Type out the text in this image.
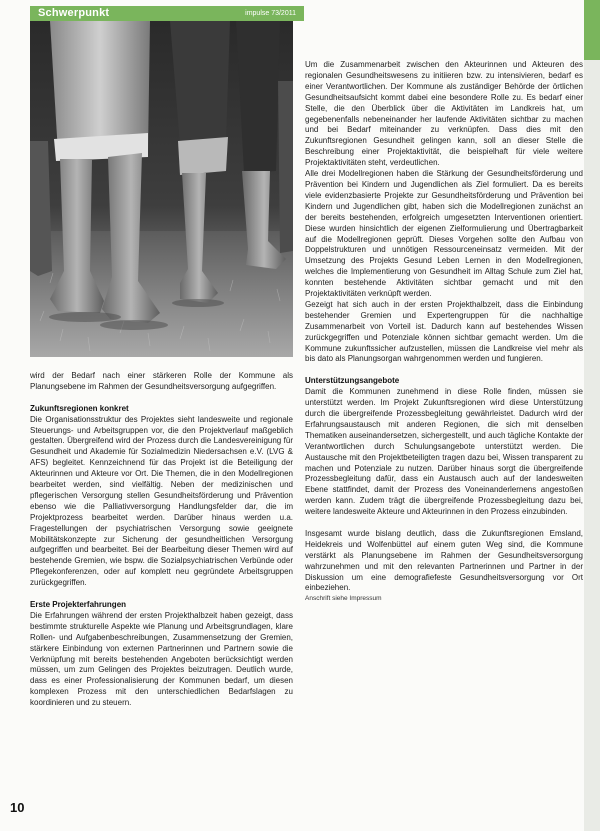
Schwerpunkt	impulse 73/2011

wird der Bedarf nach einer stärkeren Rolle der Kommune als Planungsebene im Rahmen der Gesundheitsversorgung aufgegriffen.

Zukunftsregionen konkret

Die Organisationsstruktur des Projektes sieht landesweite und regionale Steuerungs- und Arbeitsgruppen vor, die den Projektverlauf maßgeblich gestalten. Übergreifend wird der Prozess durch die Landesvereinigung für Gesundheit und Akademie für Sozialmedizin Niedersachsen e.V. (LVG & AFS) begleitet. Kennzeichnend für das Projekt ist die Beteiligung der Akteurinnen und Akteure vor Ort. Die Themen, die in den Modellregionen bearbeitet werden, sind vielfältig. Neben der medizinischen und pflegerischen Versorgung stellen Gesundheitsförderung und Prävention ebenso wie die Palliativversorgung Handlungsfelder dar, die im Projektprozess bearbeitet werden. Darüber hinaus werden u.a. Fragestellungen der psychiatrischen Versorgung sowie geeignete Mobilitätskonzepte zur Sicherung der gesundheitlichen Versorgung aufgegriffen und bearbeitet. Bei der Bearbeitung dieser Themen wird auf bestehende Gremien, wie bspw. die Sozialpsychiatrischen Verbünde oder Pflegekonferenzen, oder auf komplett neu gegründete Arbeitsgruppen zurückgegriffen.

Erste Projekterfahrungen

Die Erfahrungen während der ersten Projekthalbzeit haben gezeigt, dass bestimmte strukturelle Aspekte wie Planung und Arbeitsgrundlagen, klare Rollen- und Aufgabenbeschreibungen, Zusammensetzung der Gremien, stärkere Einbindung von externen Partnerinnen und Partnern sowie die Verknüpfung mit bereits bestehenden Angeboten berücksichtigt werden müssen, um zum Gelingen des Projektes beizutragen. Deutlich wurde, dass es einer Professionalisierung der Kommunen bedarf, um diesen komplexen Prozess mit den unterschiedlichen Bedarfslagen zu koordinieren und zu steuern.

Um die Zusammenarbeit zwischen den Akteurinnen und Akteuren des regionalen Gesundheitswesens zu initiieren bzw. zu intensivieren, bedarf es einer Verantwortlichen. Der Kommune als zuständiger Behörde der örtlichen Gesundheitsaufsicht kommt dabei eine besondere Rolle zu. Es bedarf einer Stelle, die den Überblick über die Aktivitäten im Landkreis hat, um gegebenenfalls nebeneinander her laufende Aktivitäten sichtbar zu machen und bei Bedarf miteinander zu verknüpfen. Dass dies mit den Zukunftsregionen Gesundheit gelingen kann, soll an dieser Stelle die Beschreibung einer Projektaktivität, die beispielhaft für viele weitere Projektaktivitäten steht, verdeutlichen.

Alle drei Modellregionen haben die Stärkung der Gesundheitsförderung und Prävention bei Kindern und Jugendlichen als Ziel formuliert. Da es bereits viele evidenzbasierte Projekte zur Gesundheitsförderung und Prävention bei Kindern und Jugendlichen gibt, haben sich die Modellregionen zunächst an der bereits bestehenden, erfolgreich umgesetzten Interventionen orientiert. Diese wurden hinsichtlich der eigenen Zielformulierung und Übertragbarkeit auf die Modellregionen geprüft. Dieses Vorgehen sollte den Aufbau von Doppelstrukturen und unnötigen Ressourceneinsatz vermeiden. Mit der Umsetzung des Projekts Gesund Leben Lernen in den Modellregionen, welches die Implementierung von Gesundheit im Alltag Schule zum Ziel hat, konnten bestehende Aktivitäten sichtbar gemacht und mit den Projektaktivitäten verknüpft werden.

Gezeigt hat sich auch in der ersten Projekthalbzeit, dass die Einbindung bestehender Gremien und Expertengruppen für die nachhaltige Zusammenarbeit von Vorteil ist. Dadurch kann auf bestehendes Wissen zurückgegriffen und Potenziale können sichtbar gemacht werden. Um die Kommune zukunftssicher aufzustellen, müssen die Landkreise viel mehr als bis dato als Planungsorgan wahrgenommen werden und fungieren.

Unterstützungsangebote

Damit die Kommunen zunehmend in diese Rolle finden, müssen sie unterstützt werden. Im Projekt Zukunftsregionen wird diese Unterstützung durch die übergreifende Prozessbegleitung gewährleistet. Dadurch wird der Erfahrungsaustausch mit anderen Regionen, die sich mit denselben Thematiken auseinandersetzen, sichergestellt, und auch tägliche Kontakte der Verantwortlichen durch Schulungsangebote unterstützt werden. Die Austausche mit den Projektbeteiligten tragen dazu bei, Wissen transparent zu machen und Potenziale zu nutzen. Darüber hinaus sorgt die übergreifende Prozessbegleitung dafür, dass ein Austausch auch auf der landesweiten Ebene stattfindet, damit der Prozess des Voneinanderlernens angestoßen werden kann. Zudem trägt die übergreifende Prozessbegleitung dazu bei, weitere landesweite Akteure und Akteurinnen in den Prozess einzubinden.

Insgesamt wurde bislang deutlich, dass die Zukunftsregionen Emsland, Heidekreis und Wolfenbüttel auf einem guten Weg sind, die Kommune verstärkt als Planungsebene im Rahmen der Gesundheitsversorgung wahrzunehmen und mit den relevanten Partnerinnen und Partner in der Diskussion um eine demografiefeste Gesundheitsversorgung vor Ort einbeziehen.

Anschrift siehe Impressum

10
